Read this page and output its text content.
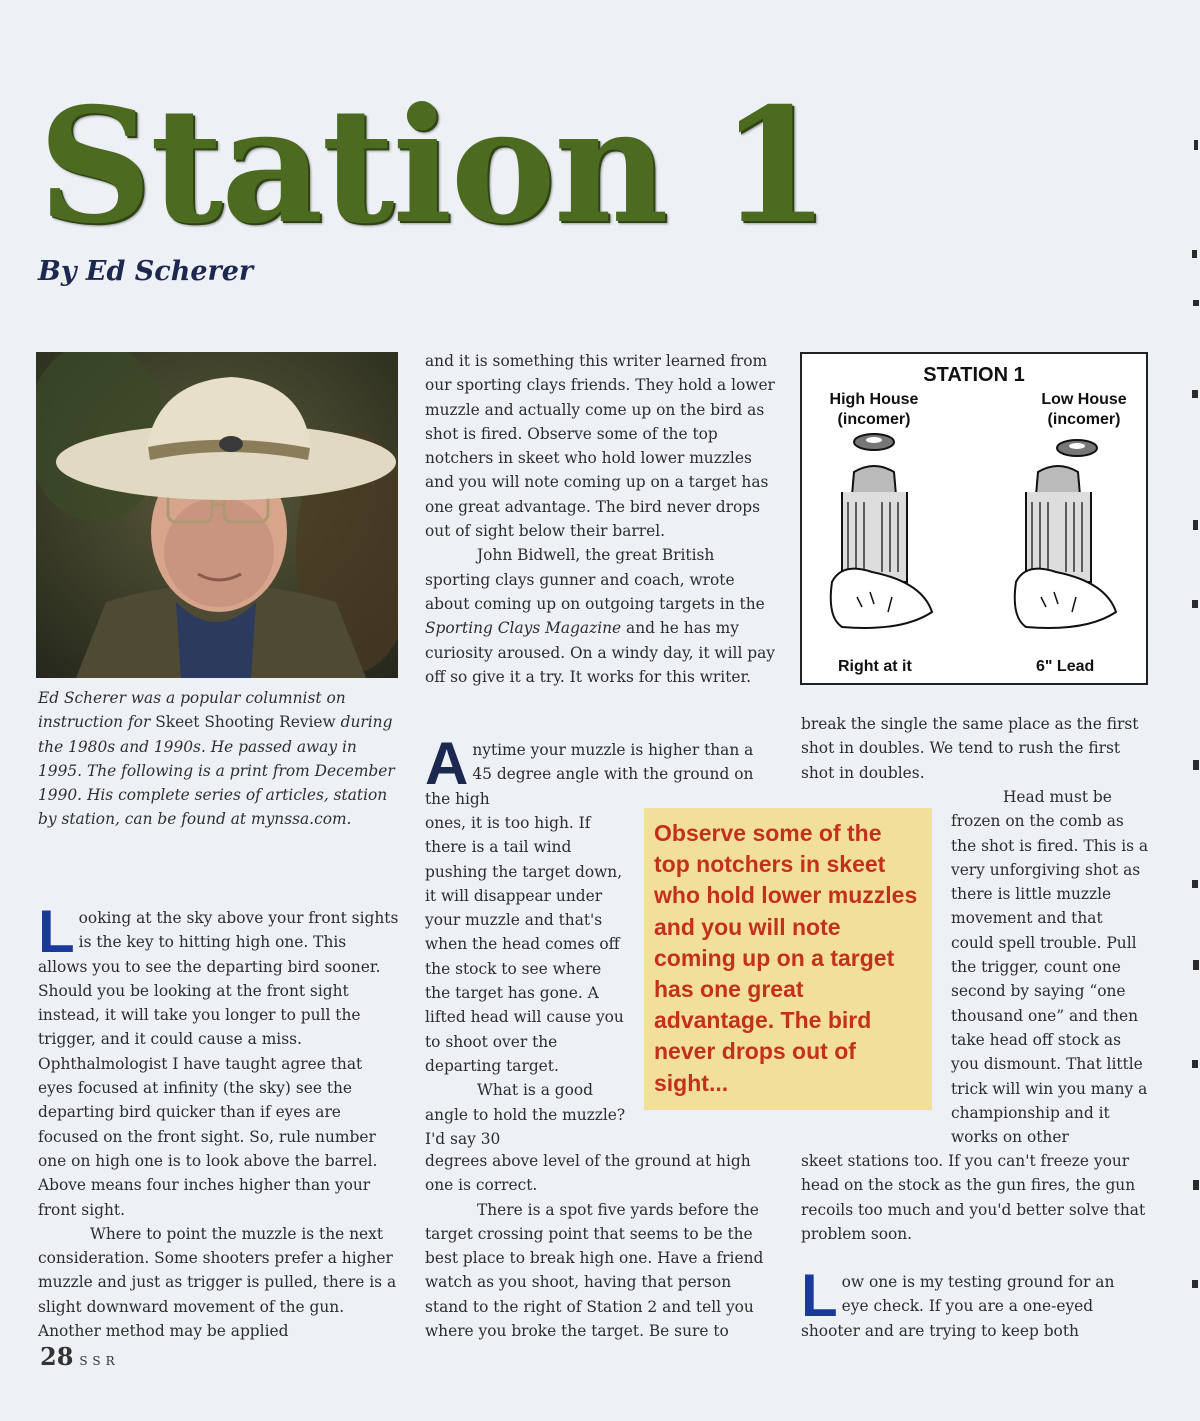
Station 1
By Ed Scherer
Ed Scherer was a popular columnist on instruction for Skeet Shooting Review during the 1980s and 1990s. He passed away in 1995. The following is a print from December 1990. His complete series of articles, station by station, can be found at mynssa.com.

Looking at the sky above your front sights is the key to hitting high one. This allows you to see the departing bird sooner. Should you be looking at the front sight instead, it will take you longer to pull the trigger, and it could cause a miss. Ophthalmologist I have taught agree that eyes focused at infinity (the sky) see the departing bird quicker than if eyes are focused on the front sight. So, rule number one on high one is to look above the barrel. Above means four inches higher than your front sight.

Where to point the muzzle is the next consideration. Some shooters prefer a higher muzzle and just as trigger is pulled, there is a slight downward movement of the gun. Another method may be applied

and it is something this writer learned from our sporting clays friends. They hold a lower muzzle and actually come up on the bird as shot is fired. Observe some of the top notchers in skeet who hold lower muzzles and you will note coming up on a target has one great advantage. The bird never drops out of sight below their barrel.

John Bidwell, the great British sporting clays gunner and coach, wrote about coming up on outgoing targets in the Sporting Clays Magazine and he has my curiosity aroused. On a windy day, it will pay off so give it a try. It works for this writer.

Anytime your muzzle is higher than a 45 degree angle with the ground on the high

ones, it is too high. If there is a tail wind pushing the target down, it will disappear under your muzzle and that's when the head comes off the stock to see where the target has gone. A lifted head will cause you to shoot over the departing target.

What is a good angle to hold the muzzle? I'd say 30

degrees above level of the ground at high one is correct.

There is a spot five yards before the target crossing point that seems to be the best place to break high one. Have a friend watch as you shoot, having that person stand to the right of Station 2 and tell you where you broke the target. Be sure to

Observe some of the top notchers in skeet who hold lower muzzles and you will note coming up on a target has one great advantage. The bird never drops out of sight...
STATION 1
High House
(incomer)
Low House
(incomer)
Right at it	6" Lead

break the single the same place as the first shot in doubles. We tend to rush the first shot in doubles.

Head must be frozen on the comb as the shot is fired. This is a very unforgiving shot as there is little muzzle movement and that could spell trouble. Pull the trigger, count one second by saying “one thousand one” and then take head off stock as you dismount. That little trick will win you many a championship and it works on other

skeet stations too. If you can't freeze your head on the stock as the gun fires, the gun recoils too much and you'd better solve that problem soon.

Low one is my testing ground for an eye check. If you are a one-eyed shooter and are trying to keep both

28 SSR
